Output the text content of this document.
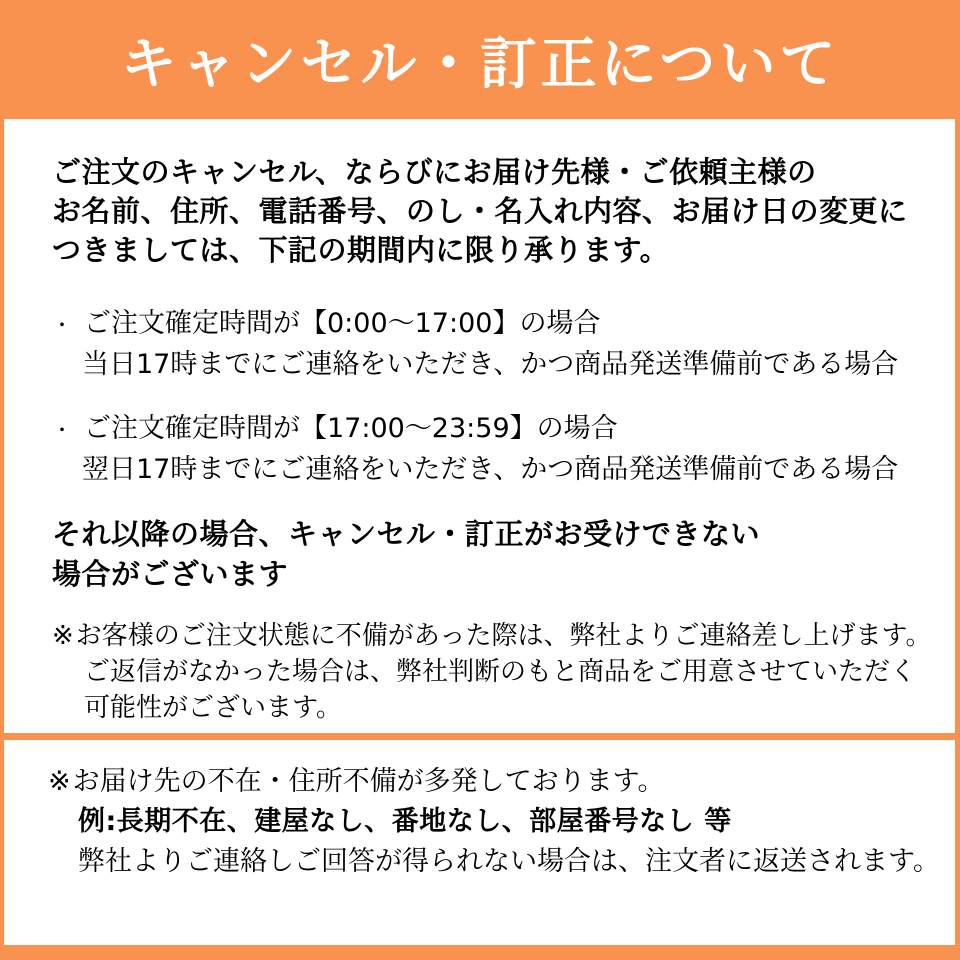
キャンセル・訂正について

ご注文のキャンセル、ならびにお届け先様・ご依頼主様の
お名前、住所、電話番号、のし・名入れ内容、お届け日の変更に
つきましては、下記の期間内に限り承ります。

・ ご注文確定時間が【0:00〜17:00】の場合
当日17時までにご連絡をいただき、かつ商品発送準備前である場合
・ ご注文確定時間が【17:00〜23:59】の場合
翌日17時までにご連絡をいただき、かつ商品発送準備前である場合

それ以降の場合、キャンセル・訂正がお受けできない
場合がございます

※ お客様のご注文状態に不備があった際は、弊社よりご連絡差し上げます。
ご返信がなかった場合は、弊社判断のもと商品をご用意させていただく
可能性がございます。
※ お届け先の不在・住所不備が多発しております。
例:長期不在、建屋なし、番地なし、部屋番号なし 等
弊社よりご連絡しご回答が得られない場合は、注文者に返送されます。
